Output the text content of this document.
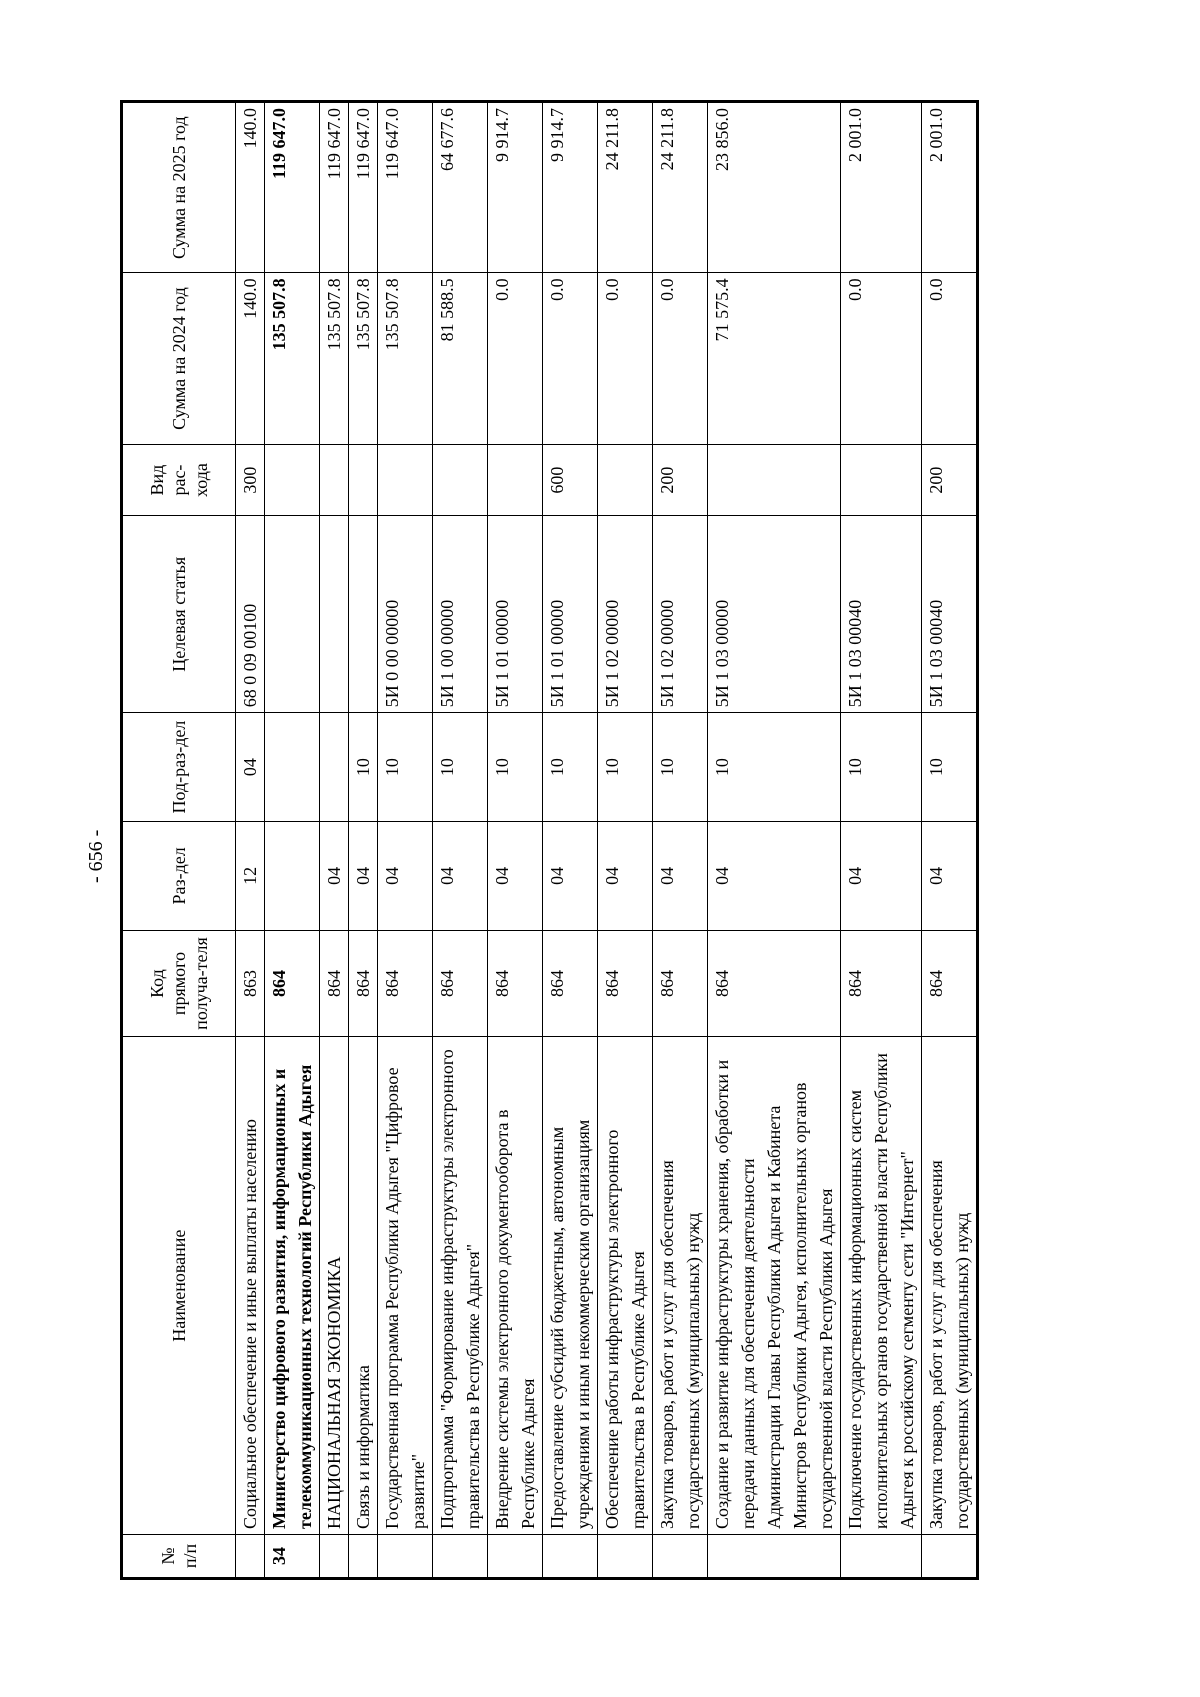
- 656 -
№ п/п	Наименование	Код прямого получа-теля	Раз-дел	Под-раз-дел	Целевая статья	Вид рас-хода	Сумма на 2024 год	Сумма на 2025 год
	Социальное обеспечение и иные выплаты населению	863	12	04	68 0 09 00100	300	140.0	140.0
34	Министерство цифрового развития, информационных и телекоммуникационных технологий Республики Адыгея	864					135 507.8	119 647.0
	НАЦИОНАЛЬНАЯ ЭКОНОМИКА	864	04				135 507.8	119 647.0
	Связь и информатика	864	04	10			135 507.8	119 647.0
	Государственная программа Республики Адыгея "Цифровое развитие"	864	04	10	5И 0 00 00000		135 507.8	119 647.0
	Подпрограмма "Формирование инфраструктуры электронного правительства в Республике Адыгея"	864	04	10	5И 1 00 00000		81 588.5	64 677.6
	Внедрение системы электронного документооборота в Республике Адыгея	864	04	10	5И 1 01 00000		0.0	9 914.7
	Предоставление субсидий бюджетным, автономным учреждениям и иным некоммерческим организациям	864	04	10	5И 1 01 00000	600	0.0	9 914.7
	Обеспечение работы инфраструктуры электронного правительства в Республике Адыгея	864	04	10	5И 1 02 00000		0.0	24 211.8
	Закупка товаров, работ и услуг для обеспечения государственных (муниципальных) нужд	864	04	10	5И 1 02 00000	200	0.0	24 211.8
	Создание и развитие инфраструктуры хранения, обработки и передачи данных для обеспечения деятельности Администрации Главы Республики Адыгея и Кабинета Министров Республики Адыгея, исполнительных органов государственной власти Республики Адыгея	864	04	10	5И 1 03 00000		71 575.4	23 856.0
	Подключение государственных информационных систем исполнительных органов государственной власти Республики Адыгея к российскому сегменту сети "Интернет"	864	04	10	5И 1 03 00040		0.0	2 001.0
	Закупка товаров, работ и услуг для обеспечения государственных (муниципальных) нужд	864	04	10	5И 1 03 00040	200	0.0	2 001.0
